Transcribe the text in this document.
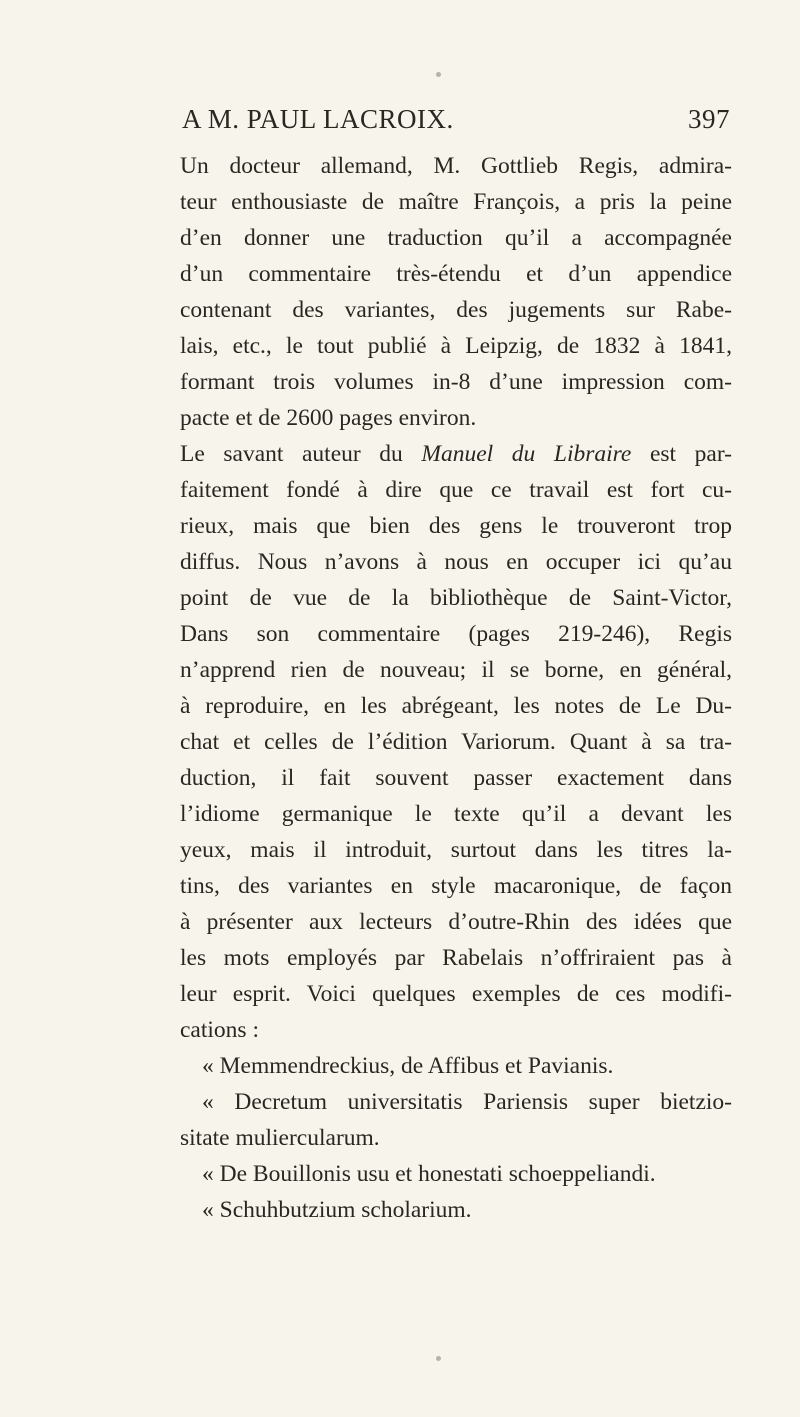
A M. PAUL LACROIX.	397
Un docteur allemand, M. Gottlieb Regis, admira-
teur enthousiaste de maître François, a pris la peine
d’en donner une traduction qu’il a accompagnée
d’un commentaire très-étendu et d’un appendice
contenant des variantes, des jugements sur Rabe-
lais, etc., le tout publié à Leipzig, de 1832 à 1841,
formant trois volumes in-8 d’une impression com-
pacte et de 2600 pages environ.
Le savant auteur du Manuel du Libraire est par-
faitement fondé à dire que ce travail est fort cu-
rieux, mais que bien des gens le trouveront trop
diffus. Nous n’avons à nous en occuper ici qu’au
point de vue de la bibliothèque de Saint-Victor,
Dans son commentaire (pages 219-246), Regis
n’apprend rien de nouveau; il se borne, en général,
à reproduire, en les abrégeant, les notes de Le Du-
chat et celles de l’édition Variorum. Quant à sa tra-
duction, il fait souvent passer exactement dans
l’idiome germanique le texte qu’il a devant les
yeux, mais il introduit, surtout dans les titres la-
tins, des variantes en style macaronique, de façon
à présenter aux lecteurs d’outre-Rhin des idées que
les mots employés par Rabelais n’offriraient pas à
leur esprit. Voici quelques exemples de ces modifi-
cations :
« Memmendreckius, de Affibus et Pavianis.
« Decretum universitatis Pariensis super bietzio-
sitate muliercularum.
« De Bouillonis usu et honestati schoeppeliandi.
« Schuhbutzium scholarium.
